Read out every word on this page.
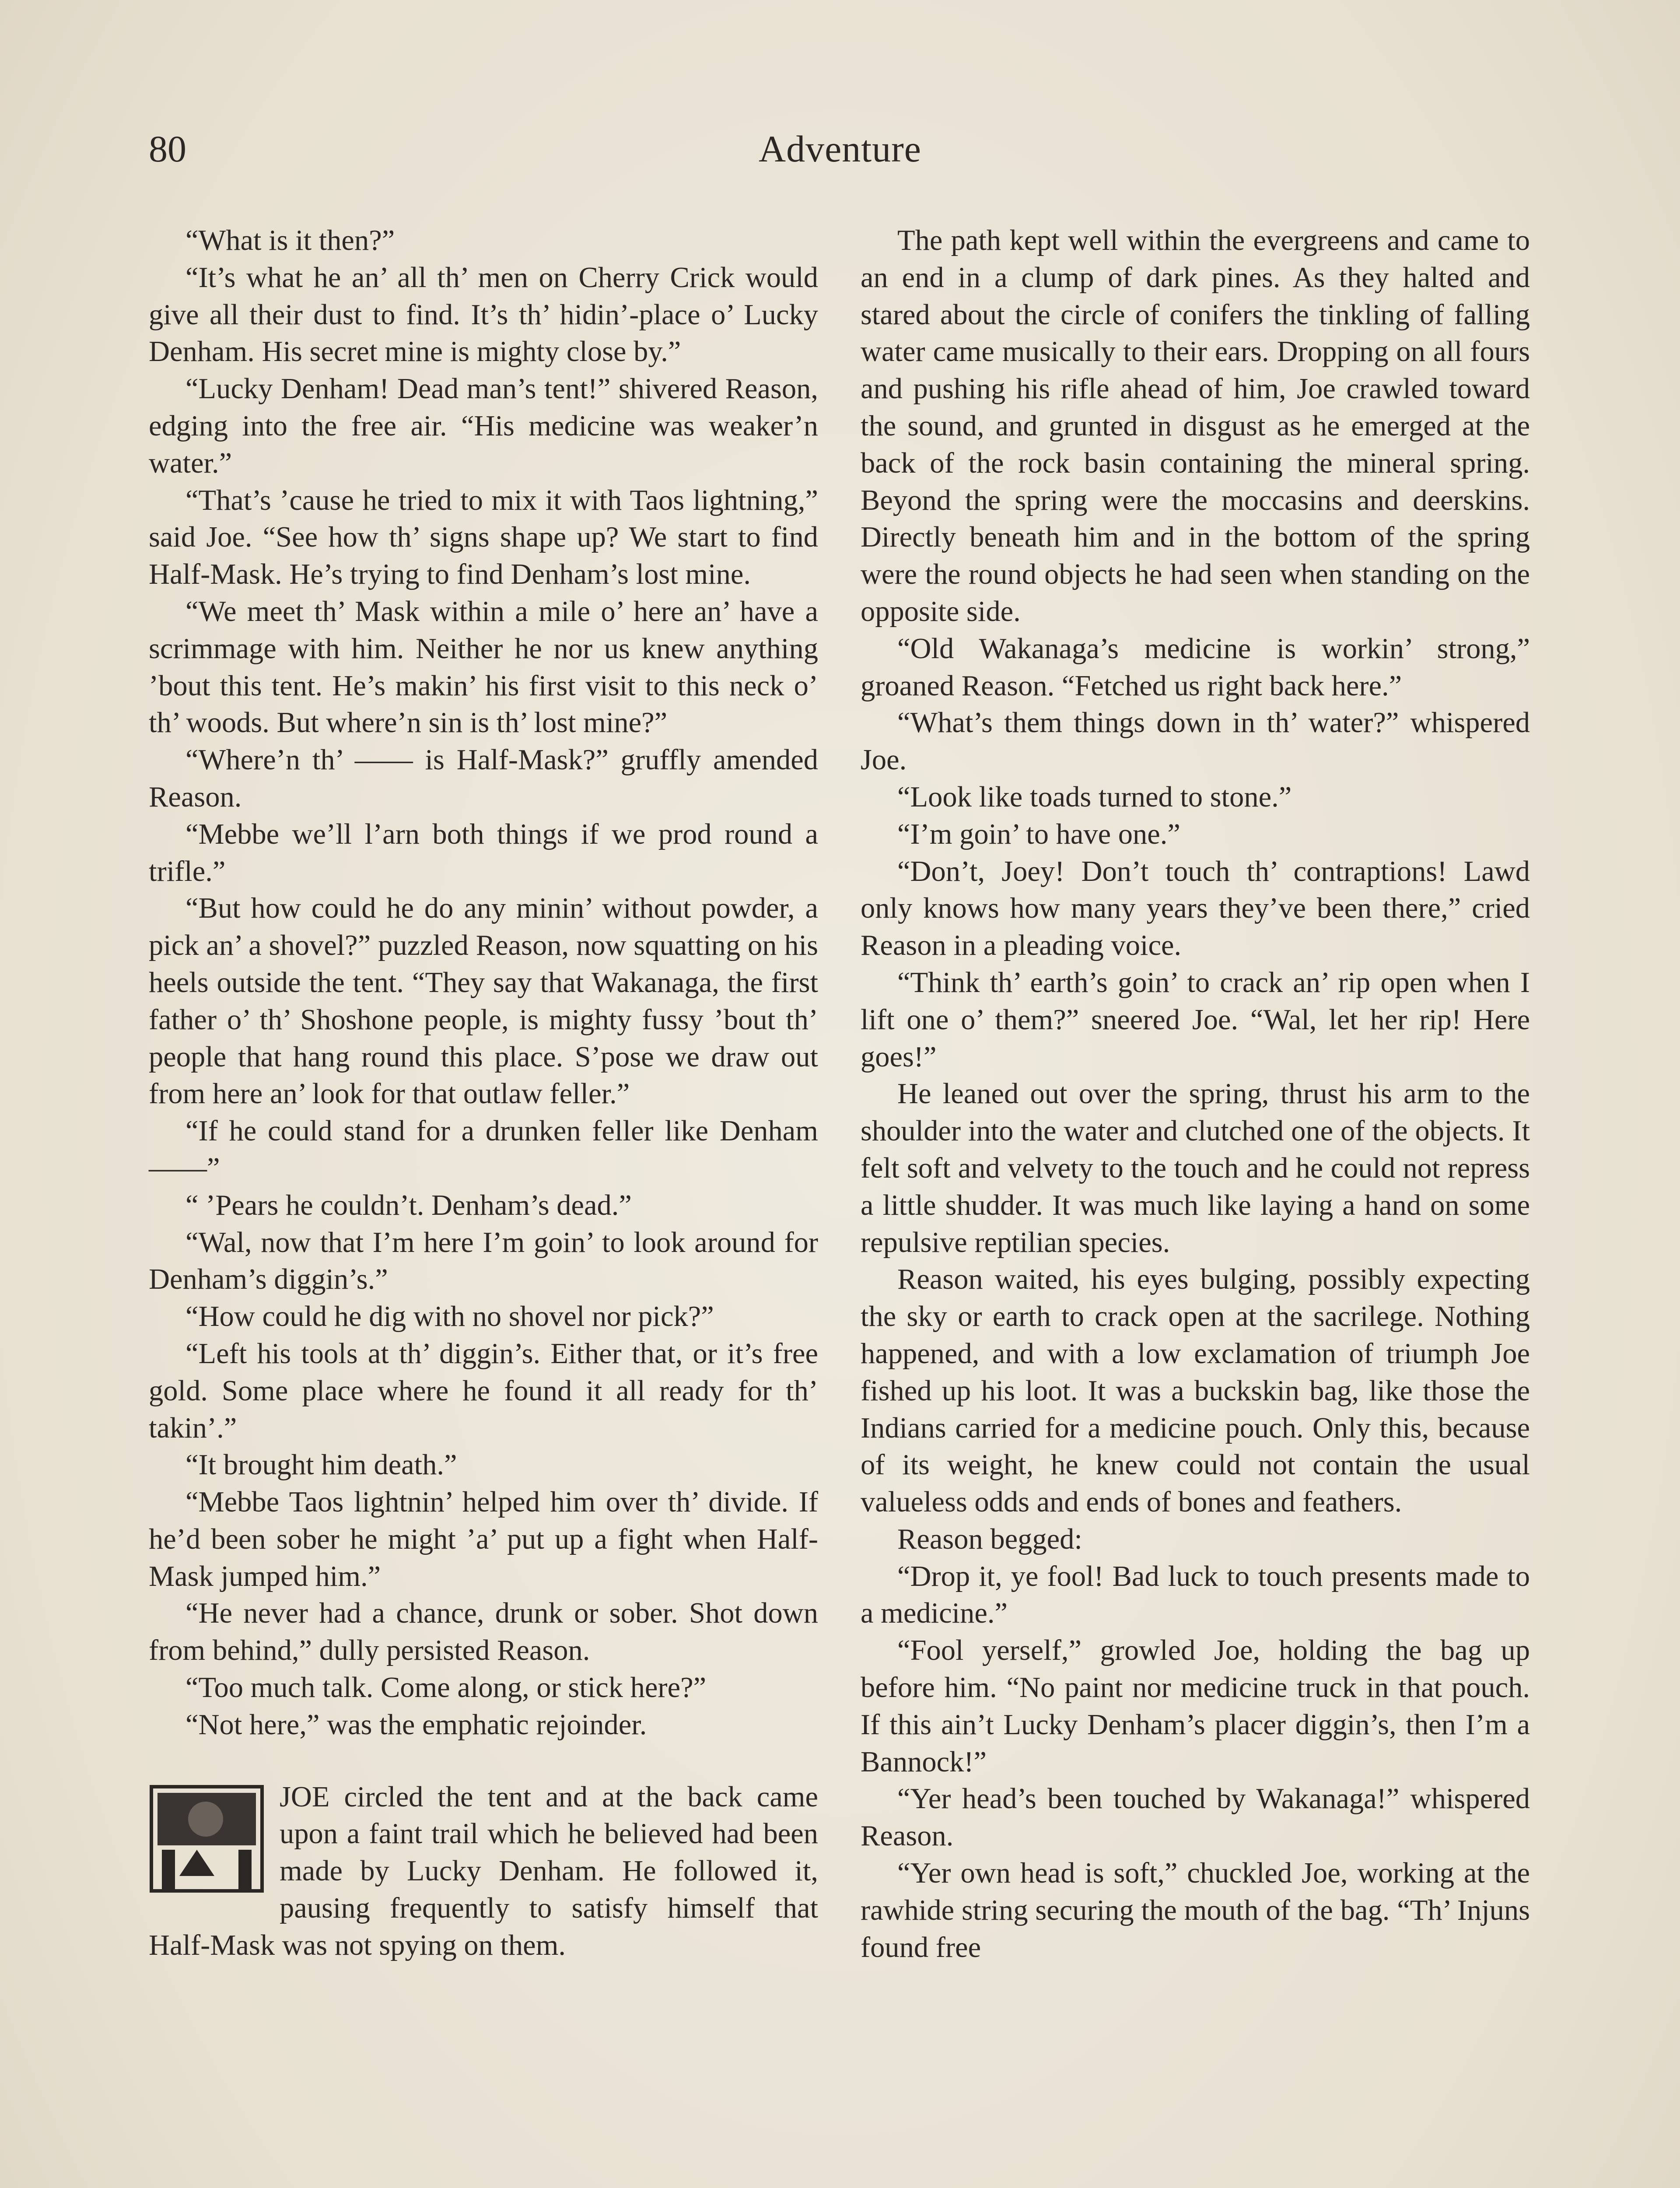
80	Adventure

“What is it then?”

“It’s what he an’ all th’ men on Cherry Crick would give all their dust to find. It’s th’ hidin’-place o’ Lucky Denham. His secret mine is mighty close by.”

“Lucky Denham! Dead man’s tent!” shivered Reason, edging into the free air. “His medicine was weaker’n water.”

“That’s ’cause he tried to mix it with Taos lightning,” said Joe. “See how th’ signs shape up? We start to find Half-Mask. He’s trying to find Denham’s lost mine.

“We meet th’ Mask within a mile o’ here an’ have a scrimmage with him. Neither he nor us knew anything ’bout this tent. He’s makin’ his first visit to this neck o’ th’ woods. But where’n sin is th’ lost mine?”

“Where’n th’ —— is Half-Mask?” gruffly amended Reason.

“Mebbe we’ll l’arn both things if we prod round a trifle.”

“But how could he do any minin’ without powder, a pick an’ a shovel?” puzzled Reason, now squatting on his heels outside the tent. “They say that Wakanaga, the first father o’ th’ Shoshone people, is mighty fussy ’bout th’ people that hang round this place. S’pose we draw out from here an’ look for that outlaw feller.”

“If he could stand for a drunken feller like Denham——”

“ ’Pears he couldn’t. Denham’s dead.”

“Wal, now that I’m here I’m goin’ to look around for Denham’s diggin’s.”

“How could he dig with no shovel nor pick?”

“Left his tools at th’ diggin’s. Either that, or it’s free gold. Some place where he found it all ready for th’ takin’.”

“It brought him death.”

“Mebbe Taos lightnin’ helped him over th’ divide. If he’d been sober he might ’a’ put up a fight when Half-Mask jumped him.”

“He never had a chance, drunk or sober. Shot down from behind,” dully persisted Reason.

“Too much talk. Come along, or stick here?”

“Not here,” was the emphatic rejoinder.

JOE circled the tent and at the back came upon a faint trail which he believed had been made by Lucky Denham. He followed it, pausing frequently to satisfy himself that Half-Mask was not spying on them.

The path kept well within the evergreens and came to an end in a clump of dark pines. As they halted and stared about the circle of conifers the tinkling of falling water came musically to their ears. Dropping on all fours and pushing his rifle ahead of him, Joe crawled toward the sound, and grunted in disgust as he emerged at the back of the rock basin containing the mineral spring. Beyond the spring were the moccasins and deerskins. Directly beneath him and in the bottom of the spring were the round objects he had seen when standing on the opposite side.

“Old Wakanaga’s medicine is workin’ strong,” groaned Reason. “Fetched us right back here.”

“What’s them things down in th’ water?” whispered Joe.

“Look like toads turned to stone.”

“I’m goin’ to have one.”

“Don’t, Joey! Don’t touch th’ contraptions! Lawd only knows how many years they’ve been there,” cried Reason in a pleading voice.

“Think th’ earth’s goin’ to crack an’ rip open when I lift one o’ them?” sneered Joe. “Wal, let her rip! Here goes!”

He leaned out over the spring, thrust his arm to the shoulder into the water and clutched one of the objects. It felt soft and velvety to the touch and he could not repress a little shudder. It was much like laying a hand on some repulsive reptilian species.

Reason waited, his eyes bulging, possibly expecting the sky or earth to crack open at the sacrilege. Nothing happened, and with a low exclamation of triumph Joe fished up his loot. It was a buckskin bag, like those the Indians carried for a medicine pouch. Only this, because of its weight, he knew could not contain the usual valueless odds and ends of bones and feathers.

Reason begged:

“Drop it, ye fool! Bad luck to touch presents made to a medicine.”

“Fool yerself,” growled Joe, holding the bag up before him. “No paint nor medicine truck in that pouch. If this ain’t Lucky Denham’s placer diggin’s, then I’m a Bannock!”

“Yer head’s been touched by Wakanaga!” whispered Reason.

“Yer own head is soft,” chuckled Joe, working at the rawhide string securing the mouth of the bag. “Th’ Injuns found free
